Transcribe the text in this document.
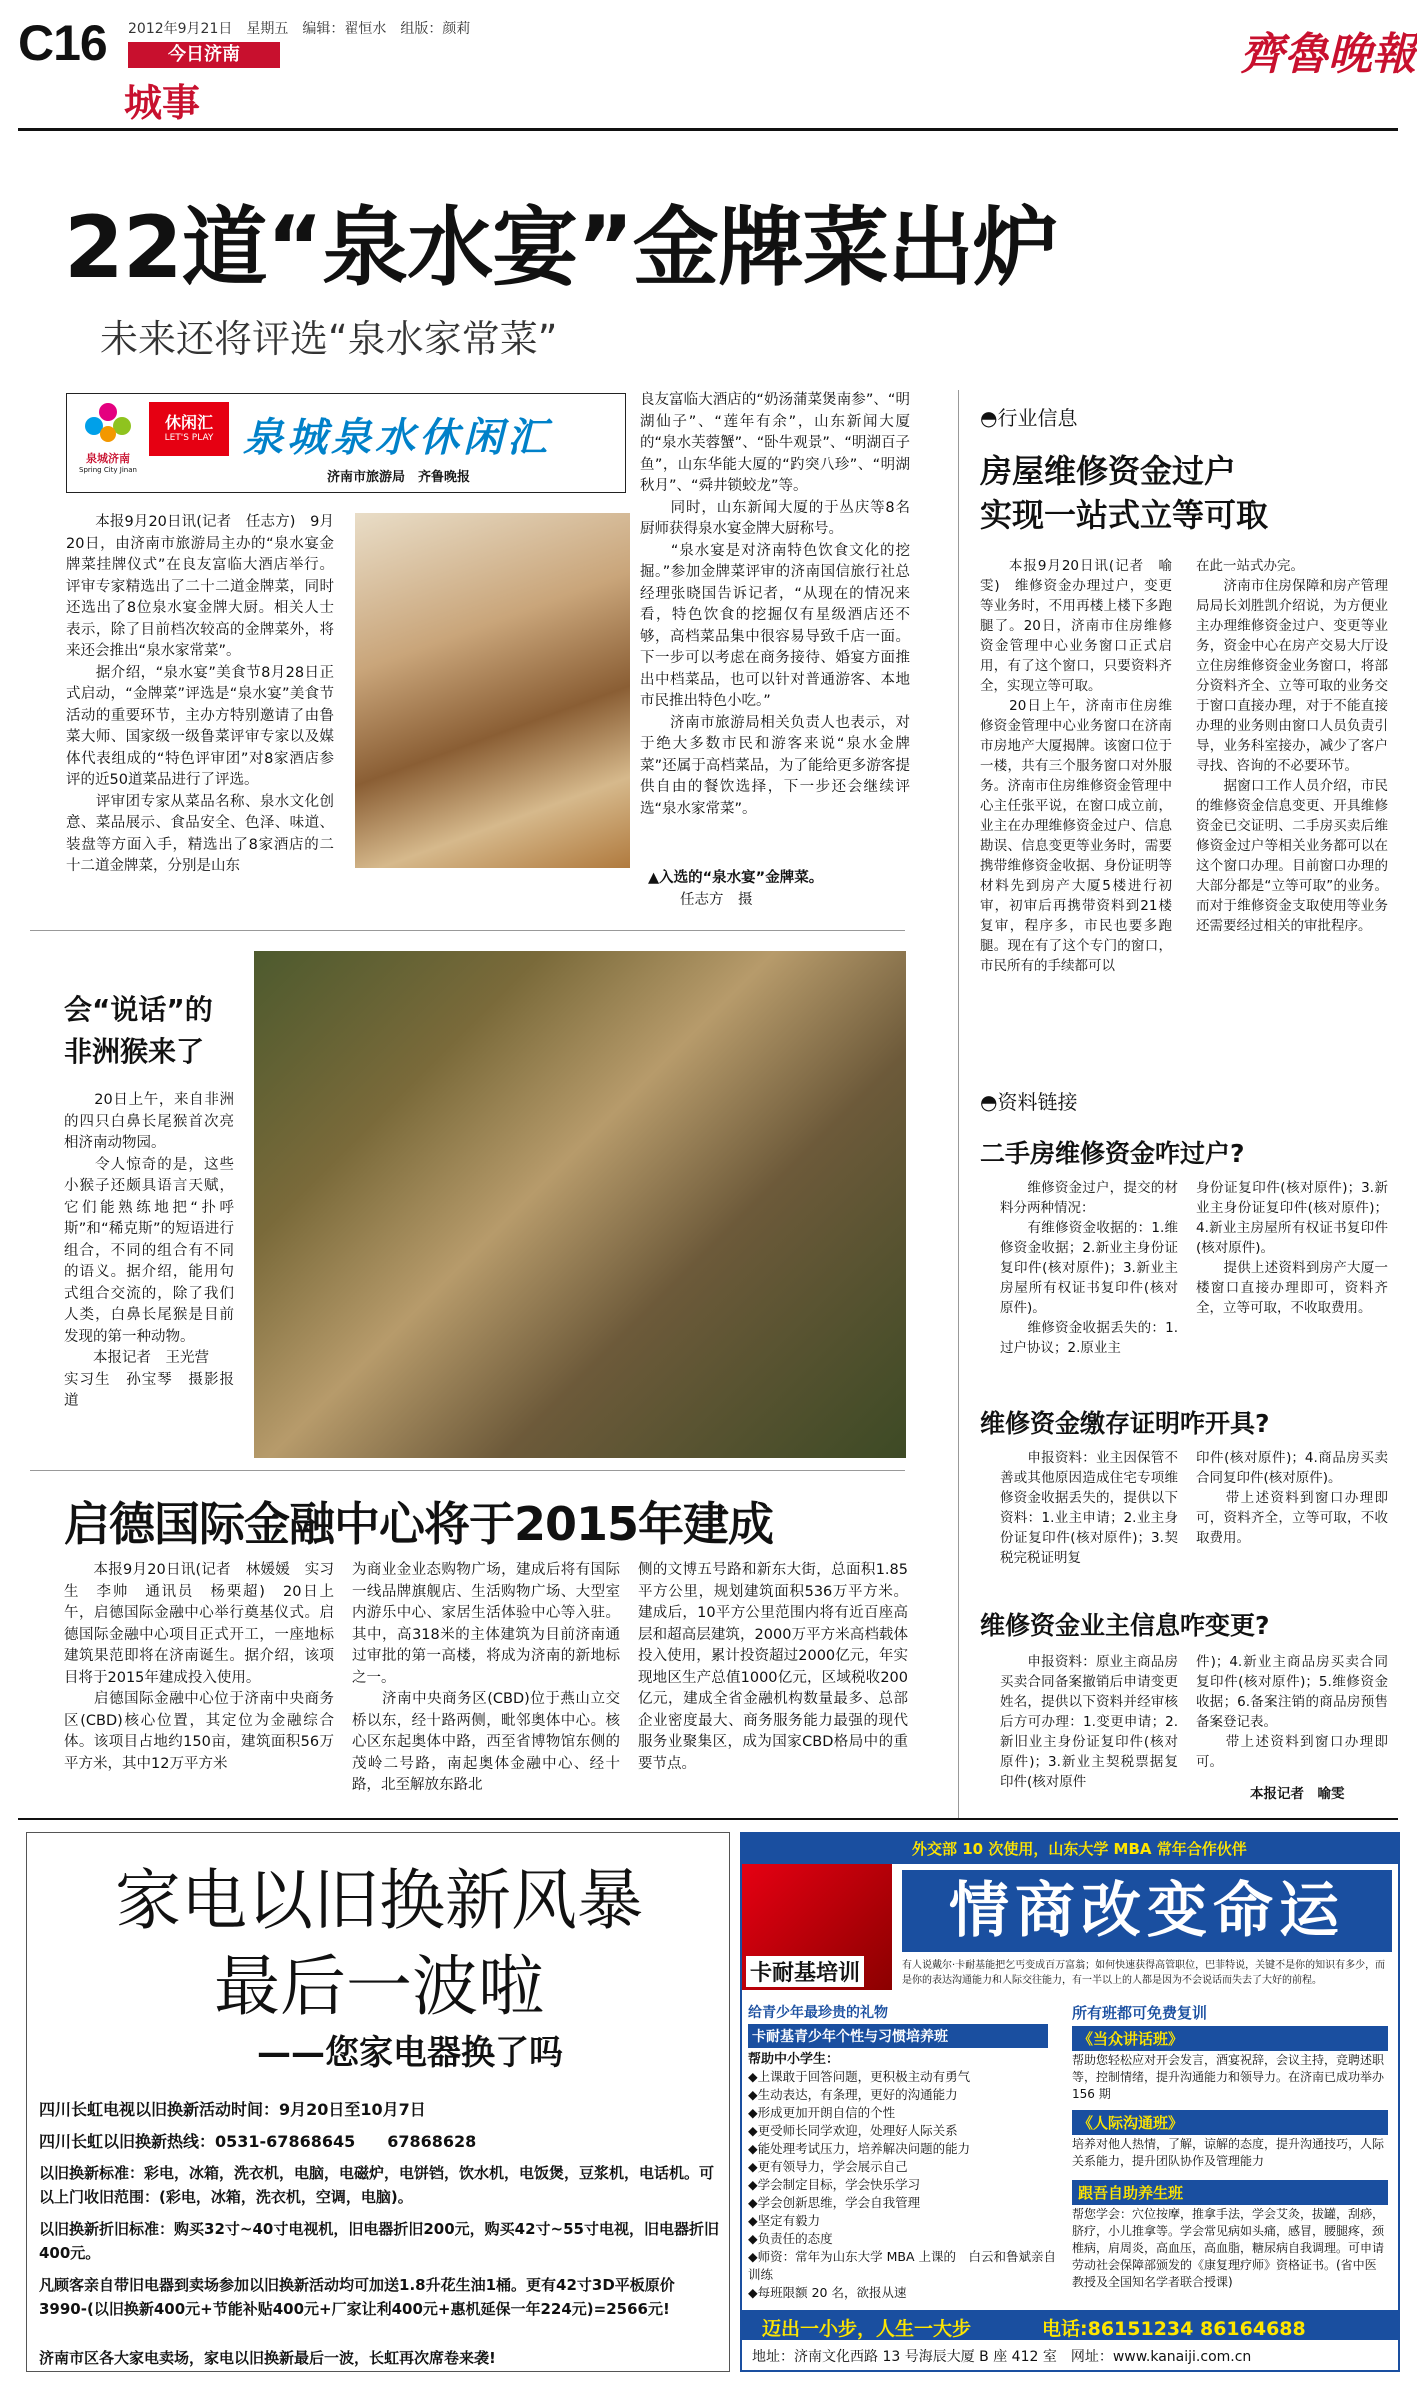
C16 2012年9月21日　星期五　编辑：翟恒水　组版：颜莉
今日济南
城事
齊魯晚報
22道“泉水宴”金牌菜出炉
未来还将评选“泉水家常菜”
泉城济南
Spring City Jinan
休闲汇
LET'S PLAY 泉城泉水休闲汇
济南市旅游局　齐鲁晚报
　　本报9月20日讯(记者　任志方)　9月20日，由济南市旅游局主办的“泉水宴金牌菜挂牌仪式”在良友富临大酒店举行。评审专家精选出了二十二道金牌菜，同时还选出了8位泉水宴金牌大厨。相关人士表示，除了目前档次较高的金牌菜外，将来还会推出“泉水家常菜”。
　　据介绍，“泉水宴”美食节8月28日正式启动，“金牌菜”评选是“泉水宴”美食节活动的重要环节，主办方特别邀请了由鲁菜大师、国家级一级鲁菜评审专家以及媒体代表组成的“特色评审团”对8家酒店参评的近50道菜品进行了评选。
　　评审团专家从菜品名称、泉水文化创意、菜品展示、食品安全、色泽、味道、装盘等方面入手，精选出了8家酒店的二十二道金牌菜，分别是山东
良友富临大酒店的“奶汤蒲菜煲南参”、“明湖仙子”、“莲年有余”，山东新闻大厦的“泉水芙蓉蟹”、“卧牛观景”、“明湖百子鱼”，山东华能大厦的“趵突八珍”、“明湖秋月”、“舜井锁蛟龙”等。
　　同时，山东新闻大厦的于丛庆等8名厨师获得泉水宴金牌大厨称号。
　　“泉水宴是对济南特色饮食文化的挖掘。”参加金牌菜评审的济南国信旅行社总经理张晓国告诉记者，“从现在的情况来看，特色饮食的挖掘仅有星级酒店还不够，高档菜品集中很容易导致千店一面。下一步可以考虑在商务接待、婚宴方面推出中档菜品，也可以针对普通游客、本地市民推出特色小吃。”
　　济南市旅游局相关负责人也表示，对于绝大多数市民和游客来说“泉水金牌菜”还属于高档菜品，为了能给更多游客提供自由的餐饮选择，下一步还会继续评选“泉水家常菜”。
▲入选的“泉水宴”金牌菜。
任志方　摄
会“说话”的
非洲猴来了
　　20日上午，来自非洲的四只白鼻长尾猴首次亮相济南动物园。
　　令人惊奇的是，这些小猴子还颇具语言天赋，它们能熟练地把“扑呼斯”和“稀克斯”的短语进行组合，不同的组合有不同的语义。据介绍，能用句式组合交流的，除了我们人类，白鼻长尾猴是目前发现的第一种动物。
　　本报记者　王光营
实习生　孙宝琴　摄影报道
启德国际金融中心将于2015年建成
　　本报9月20日讯(记者　林媛媛　实习生　李帅　通讯员　杨栗超)　20日上午，启德国际金融中心举行奠基仪式。启德国际金融中心项目正式开工，一座地标建筑果范即将在济南诞生。据介绍，该项目将于2015年建成投入使用。
　　启德国际金融中心位于济南中央商务区(CBD)核心位置，其定位为金融综合体。该项目占地约150亩，建筑面积56万平方米，其中12万平方米
为商业金业态购物广场，建成后将有国际一线品牌旗舰店、生活购物广场、大型室内游乐中心、家居生活体验中心等入驻。其中，高318米的主体建筑为目前济南通过审批的第一高楼，将成为济南的新地标之一。
　　济南中央商务区(CBD)位于燕山立交桥以东，经十路两侧，毗邻奥体中心。核心区东起奥体中路，西至省博物馆东侧的茂岭二号路，南起奥体金融中心、经十路，北至解放东路北
侧的文博五号路和新东大街，总面积1.85平方公里，规划建筑面积536万平方米。建成后，10平方公里范围内将有近百座高层和超高层建筑，2000万平方米高档载体投入使用，累计投资超过2000亿元，年实现地区生产总值1000亿元，区域税收200亿元，建成全省金融机构数量最多、总部企业密度最大、商务服务能力最强的现代服务业聚集区，成为国家CBD格局中的重要节点。
◓行业信息
房屋维修资金过户
实现一站式立等可取
　　本报9月20日讯(记者　喻雯)　维修资金办理过户，变更等业务时，不用再楼上楼下多跑腿了。20日，济南市住房维修资金管理中心业务窗口正式启用，有了这个窗口，只要资料齐全，实现立等可取。
　　20日上午，济南市住房维修资金管理中心业务窗口在济南市房地产大厦揭牌。该窗口位于一楼，共有三个服务窗口对外服务。济南市住房维修资金管理中心主任张平说，在窗口成立前，业主在办理维修资金过户、信息勘误、信息变更等业务时，需要携带维修资金收据、身份证明等材料先到房产大厦5楼进行初审，初审后再携带资料到21楼复审，程序多，市民也要多跑腿。现在有了这个专门的窗口，市民所有的手续都可以
在此一站式办完。
　　济南市住房保障和房产管理局局长刘胜凯介绍说，为方便业主办理维修资金过户、变更等业务，资金中心在房产交易大厅设立住房维修资金业务窗口，将部分资料齐全、立等可取的业务交于窗口直接办理，对于不能直接办理的业务则由窗口人员负责引导，业务科室接办，减少了客户寻找、咨询的不必要环节。
　　据窗口工作人员介绍，市民的维修资金信息变更、开具维修资金已交证明、二手房买卖后维修资金过户等相关业务都可以在这个窗口办理。目前窗口办理的大部分都是“立等可取”的业务。而对于维修资金支取使用等业务还需要经过相关的审批程序。
◓资料链接
二手房维修资金咋过户?
　　维修资金过户，提交的材料分两种情况：
　　有维修资金收据的：1.维修资金收据；2.新业主身份证复印件(核对原件)；3.新业主房屋所有权证书复印件(核对原件)。
　　维修资金收据丢失的：1.过户协议；2.原业主
身份证复印件(核对原件)；3.新业主身份证复印件(核对原件)；4.新业主房屋所有权证书复印件(核对原件)。
　　提供上述资料到房产大厦一楼窗口直接办理即可，资料齐全，立等可取，不收取费用。
维修资金缴存证明咋开具?
　　申报资料：业主因保管不善或其他原因造成住宅专项维修资金收据丢失的，提供以下资料：1.业主申请；2.业主身份证复印件(核对原件)；3.契税完税证明复
印件(核对原件)；4.商品房买卖合同复印件(核对原件)。
　　带上述资料到窗口办理即可，资料齐全，立等可取，不收取费用。
维修资金业主信息咋变更?
　　申报资料：原业主商品房买卖合同备案撤销后申请变更姓名，提供以下资料并经审核后方可办理：1.变更申请；2.新旧业主身份证复印件(核对原件)；3.新业主契税票据复印件(核对原件
件)；4.新业主商品房买卖合同复印件(核对原件)；5.维修资金收据；6.备案注销的商品房预售备案登记表。
　　带上述资料到窗口办理即可。
本报记者　喻雯
家电以旧换新风暴
最后一波啦
——您家电器换了吗
四川长虹电视以旧换新活动时间：9月20日至10月7日
四川长虹以旧换新热线：0531-67868645　　67868628
以旧换新标准：彩电，冰箱，洗衣机，电脑，电磁炉，电饼铛，饮水机，电饭煲，豆浆机，电话机。可以上门收旧范围：(彩电，冰箱，洗衣机，空调，电脑)。
以旧换新折旧标准：购买32寸~40寸电视机，旧电器折旧200元，购买42寸~55寸电视，旧电器折旧400元。
凡顾客亲自带旧电器到卖场参加以旧换新活动均可加送1.8升花生油1桶。更有42寸3D平板原价3990-(以旧换新400元+节能补贴400元+厂家让利400元+惠机延保一年224元)=2566元!
济南市区各大家电卖场，家电以旧换新最后一波，长虹再次席卷来袭!
外交部 10 次使用，山东大学 MBA 常年合作伙伴
情商改变命运
卡耐基培训	有人说戴尔·卡耐基能把乞丐变成百万富翁；如何快速获得高管职位，巴菲特说，关键不是你的知识有多少，而是你的表达沟通能力和人际交往能力，有一半以上的人都是因为不会说话而失去了大好的前程。
给青少年最珍贵的礼物
卡耐基青少年个性与习惯培养班
帮助中小学生：
◆上课敢于回答问题，更积极主动有勇气
◆生动表达，有条理，更好的沟通能力
◆形成更加开朗自信的个性
◆更受师长同学欢迎，处理好人际关系
◆能处理考试压力，培养解决问题的能力
◆更有领导力，学会展示自己
◆学会制定目标，学会快乐学习
◆学会创新思维，学会自我管理
◆坚定有毅力
◆负责任的态度
◆师资：常年为山东大学 MBA 上课的　白云和鲁斌亲自训练
◆每班限额 20 名，欲报从速
所有班都可免费复训
《当众讲话班》
帮助您轻松应对开会发言，酒宴祝辞，会议主持，竞聘述职等，控制情绪，提升沟通能力和领导力。在济南已成功举办 156 期
《人际沟通班》
培养对他人热情，了解，谅解的态度，提升沟通技巧，人际关系能力，提升团队协作及管理能力
跟吾自助养生班
帮您学会：穴位按摩，推拿手法，学会艾灸，拔罐，刮痧，脐疗，小儿推拿等。学会常见病如头痛，感冒，腰腿疼，颈椎病，肩周炎，高血压，高血脂，糖尿病自我调理。可申请劳动社会保障部颁发的《康复理疗师》资格证书。(省中医教授及全国知名学者联合授课)
迈出一小步，人生一大步	电话:86151234 86164688
地址：济南文化西路 13 号海辰大厦 B 座 412 室　网址：www.kanaiji.com.cn
